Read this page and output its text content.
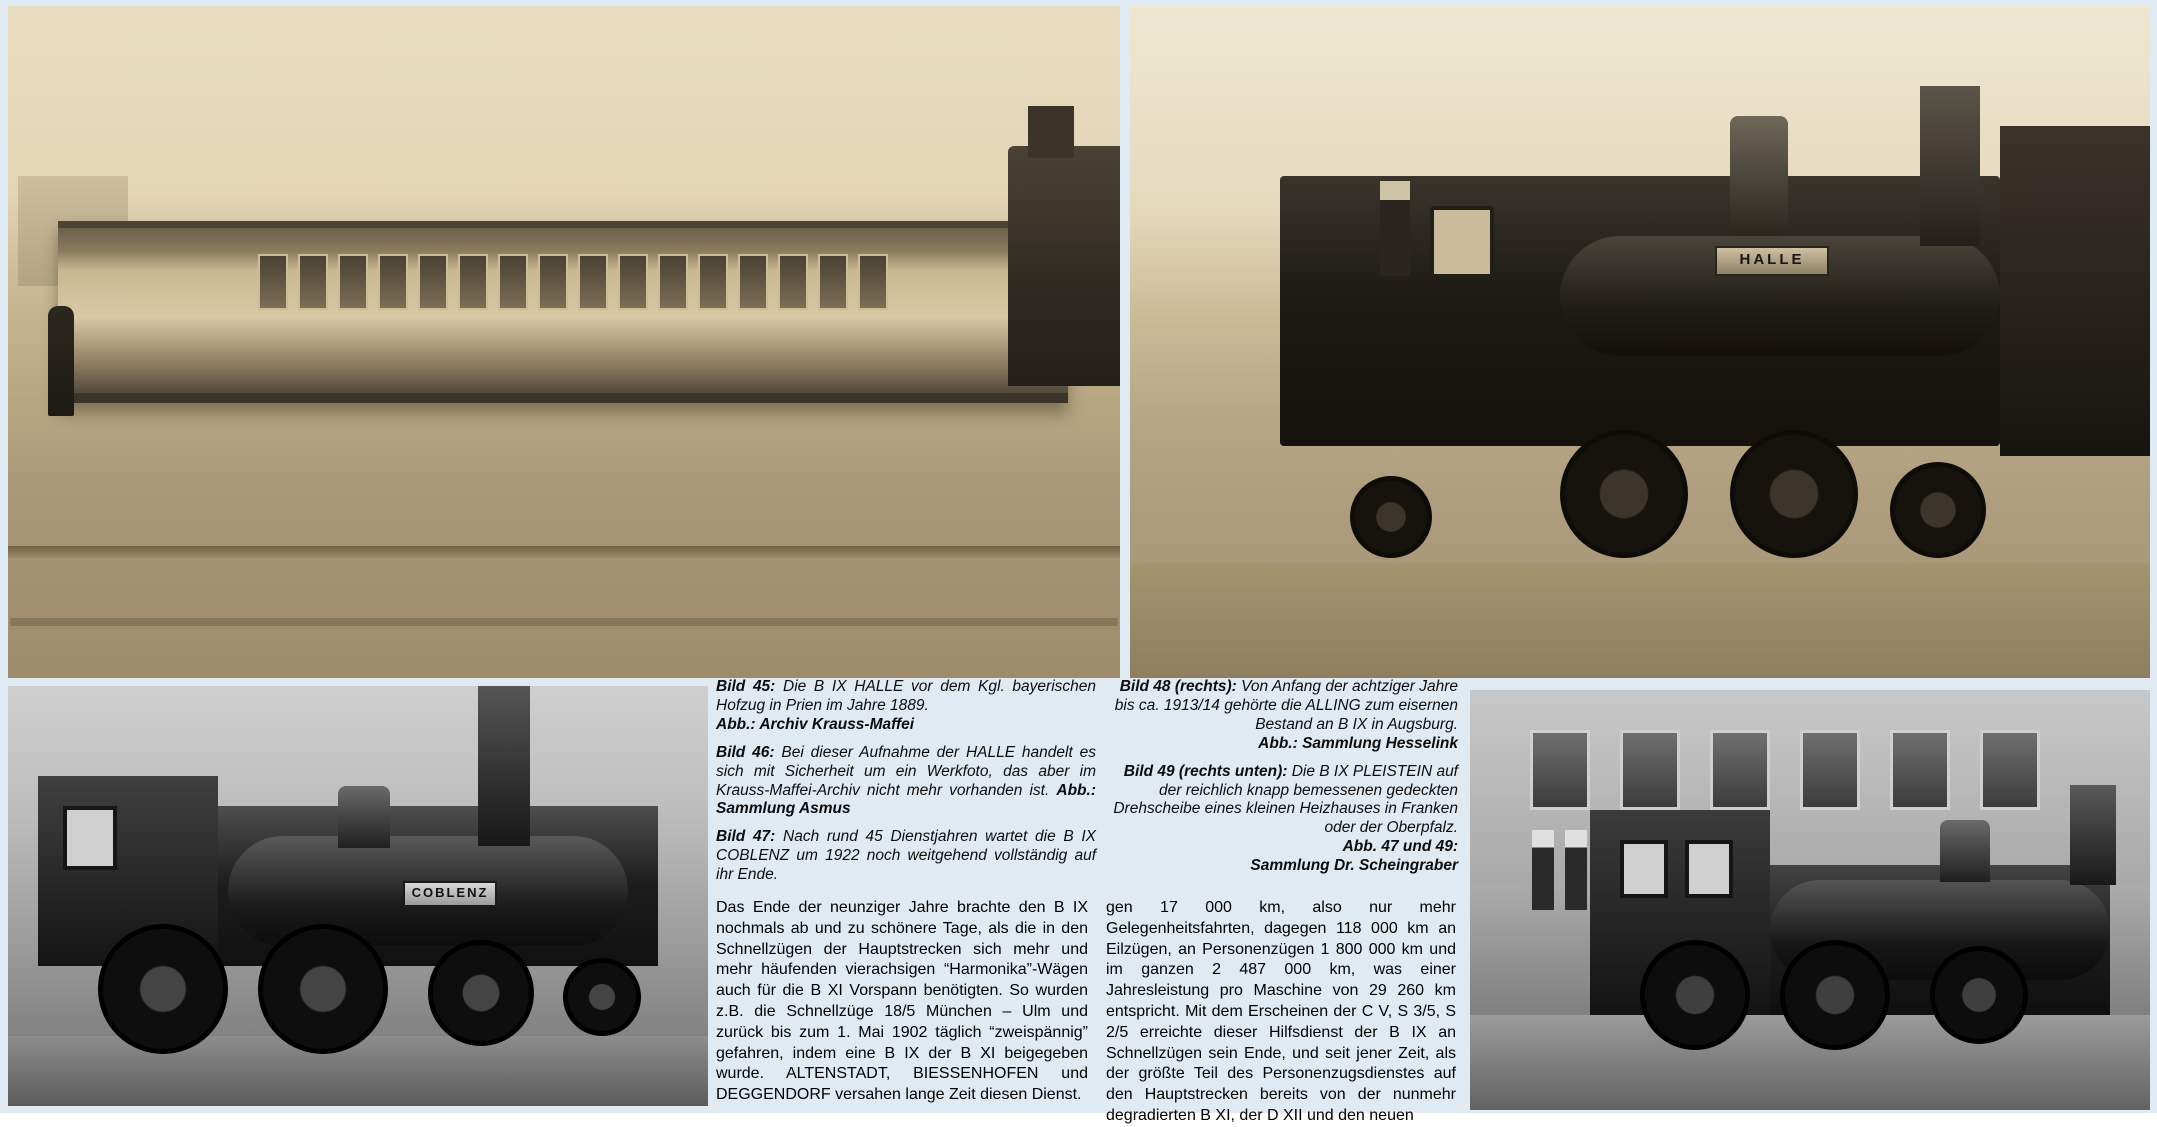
HALLE
Bild 45: Die B IX HALLE vor dem Kgl. bayerischen Hofzug in Prien im Jahre 1889.
Abb.: Archiv Krauss-Maffei
Bild 46: Bei dieser Aufnahme der HALLE handelt es sich mit Sicherheit um ein Werkfoto, das aber im Krauss-Maffei-Archiv nicht mehr vorhanden ist. Abb.: Sammlung Asmus
Bild 47: Nach rund 45 Dienstjahren wartet die B IX COBLENZ um 1922 noch weitgehend vollständig auf ihr Ende.
Bild 48 (rechts): Von Anfang der achtziger Jahre bis ca. 1913/14 gehörte die ALLING zum eisernen Bestand an B IX in Augsburg.
Abb.: Sammlung Hesselink
Bild 49 (rechts unten): Die B IX PLEISTEIN auf der reichlich knapp bemessenen gedeckten Drehscheibe eines kleinen Heizhauses in Franken oder der Oberpfalz.
Abb. 47 und 49:
Sammlung Dr. Scheingraber

Das Ende der neunziger Jahre brachte den B IX nochmals ab und zu schönere Tage, als die in den Schnellzügen der Hauptstrecken sich mehr und mehr häufenden vierachsigen “Harmonika”-Wägen auch für die B XI Vorspann benötigten. So wurden z.B. die Schnellzüge 18/5 München – Ulm und zurück bis zum 1. Mai 1902 täglich “zweispännig” gefahren, indem eine B IX der B XI beigegeben wurde. ALTENSTADT, BIESSENHOFEN und DEGGENDORF versahen lange Zeit diesen Dienst.

gen 17 000 km, also nur mehr Gelegenheitsfahrten, dagegen 118 000 km an Eilzügen, an Personenzügen 1 800 000 km und im ganzen 2 487 000 km, was einer Jahresleistung pro Maschine von 29 260 km entspricht. Mit dem Erscheinen der C V, S 3/5, S 2/5 erreichte dieser Hilfsdienst der B IX an Schnellzügen sein Ende, und seit jener Zeit, als der größte Teil des Personenzugsdienstes auf den Hauptstrecken bereits von der nunmehr degradierten B XI, der D XII und den neuen

COBLENZ
